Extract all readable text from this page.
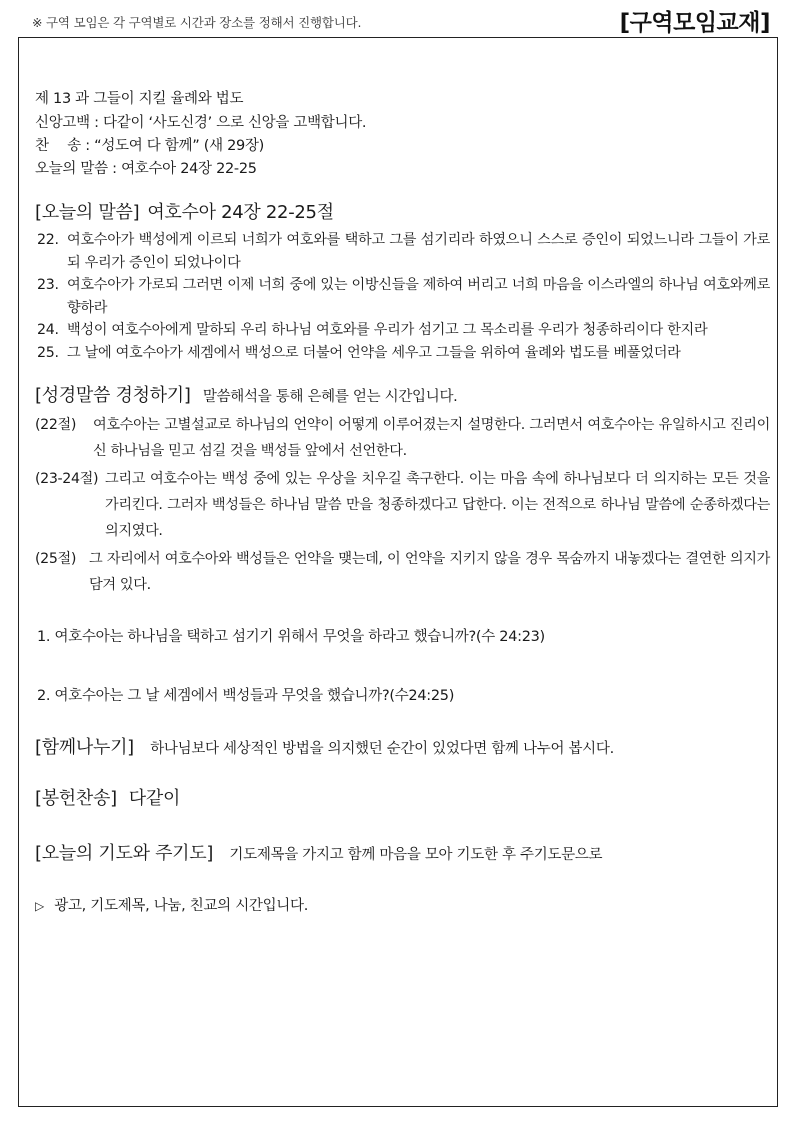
※ 구역 모임은 각 구역별로 시간과 장소를 정해서 진행합니다.	[구역모임교재]
제 13 과 그들이 지킬 율례와 법도
신앙고백 : 다같이 ‘사도신경’ 으로 신앙을 고백합니다.
찬　 송 : “성도여 다 함께” (새 29장)
오늘의 말씀 : 여호수아 24장 22-25
[오늘의 말씀] 여호수아 24장 22-25절
22. 여호수아가 백성에게 이르되 너희가 여호와를 택하고 그를 섬기리라 하였으니 스스로 증인이 되었느니라 그들이 가로되 우리가 증인이 되었나이다
23. 여호수아가 가로되 그러면 이제 너희 중에 있는 이방신들을 제하여 버리고 너희 마음을 이스라엘의 하나님 여호와께로 향하라
24. 백성이 여호수아에게 말하되 우리 하나님 여호와를 우리가 섬기고 그 목소리를 우리가 청종하리이다 한지라
25. 그 날에 여호수아가 세겜에서 백성으로 더불어 언약을 세우고 그들을 위하여 율례와 법도를 베풀었더라
[성경말씀 경청하기] 말씀해석을 통해 은혜를 얻는 시간입니다.
(22절)	여호수아는 고별설교로 하나님의 언약이 어떻게 이루어졌는지 설명한다. 그러면서 여호수아는 유일하시고 진리이신 하나님을 믿고 섬길 것을 백성들 앞에서 선언한다.
(23-24절) 그리고 여호수아는 백성 중에 있는 우상을 치우길 촉구한다. 이는 마음 속에 하나님보다 더 의지하는 모든 것을 가리킨다. 그러자 백성들은 하나님 말씀 만을 청종하겠다고 답한다. 이는 전적으로 하나님 말씀에 순종하겠다는 의지였다.
(25절) 그 자리에서 여호수아와 백성들은 언약을 맺는데, 이 언약을 지키지 않을 경우 목숨까지 내놓겠다는 결연한 의지가 담겨 있다.
1. 여호수아는 하나님을 택하고 섬기기 위해서 무엇을 하라고 했습니까?(수 24:23)
2. 여호수아는 그 날 세겜에서 백성들과 무엇을 했습니까?(수24:25)
[함께나누기] 하나님보다 세상적인 방법을 의지했던 순간이 있었다면 함께 나누어 봅시다.
[봉헌찬송] 다같이
[오늘의 기도와 주기도] 기도제목을 가지고 함께 마음을 모아 기도한 후 주기도문으로
▷ 광고, 기도제목, 나눔, 친교의 시간입니다.
